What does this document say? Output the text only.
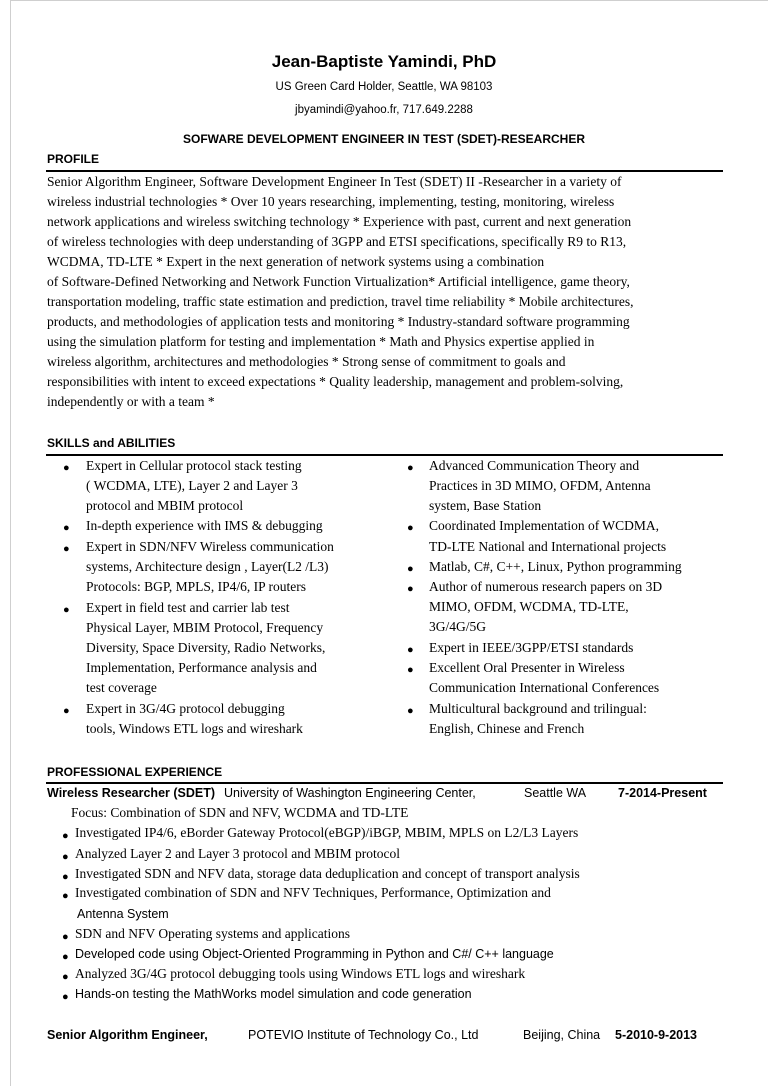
Jean-Baptiste Yamindi, PhD
US Green Card Holder, Seattle, WA 98103
jbyamindi@yahoo.fr, 717.649.2288
SOFWARE DEVELOPMENT ENGINEER IN TEST (SDET)-RESEARCHER
PROFILE
Senior Algorithm Engineer, Software Development Engineer In Test (SDET) II -Researcher in a variety of
wireless industrial technologies * Over 10 years researching, implementing, testing, monitoring, wireless
network applications and wireless switching technology * Experience with past, current and next generation
of wireless technologies with deep understanding of 3GPP and ETSI specifications, specifically R9 to R13,
WCDMA, TD-LTE * Expert in the next generation of network systems using a combination
of Software-Defined Networking and Network Function Virtualization* Artificial intelligence, game theory,
transportation modeling, traffic state estimation and prediction, travel time reliability * Mobile architectures,
products, and methodologies of application tests and monitoring * Industry-standard software programming
using the simulation platform for testing and implementation * Math and Physics expertise applied in
wireless algorithm, architectures and methodologies * Strong sense of commitment to goals and
responsibilities with intent to exceed expectations * Quality leadership, management and problem-solving,
independently or with a team *
SKILLS and ABILITIES
● Expert in Cellular protocol stack testing
( WCDMA, LTE), Layer 2 and Layer 3
protocol and MBIM protocol
● In-depth experience with IMS & debugging
● Expert in SDN/NFV Wireless communication
systems, Architecture design , Layer(L2 /L3)
Protocols: BGP, MPLS, IP4/6, IP routers
● Expert in field test and carrier lab test
Physical Layer, MBIM Protocol, Frequency
Diversity, Space Diversity, Radio Networks,
Implementation, Performance analysis and
test coverage
● Expert in 3G/4G protocol debugging
tools, Windows ETL logs and wireshark
● Advanced Communication Theory and
Practices in 3D MIMO, OFDM, Antenna
system, Base Station
● Coordinated Implementation of WCDMA,
TD-LTE National and International projects
● Matlab, C#, C++, Linux, Python programming
● Author of numerous research papers on 3D
MIMO, OFDM, WCDMA, TD-LTE,
3G/4G/5G
● Expert in IEEE/3GPP/ETSI standards
● Excellent Oral Presenter in Wireless
Communication International Conferences
● Multicultural background and trilingual:
English, Chinese and French
PROFESSIONAL EXPERIENCE
Wireless Researcher (SDET) University of Washington Engineering Center,	Seattle WA	7-2014-Present
Focus: Combination of SDN and NFV, WCDMA and TD-LTE
● Investigated IP4/6, eBorder Gateway Protocol(eBGP)/iBGP, MBIM, MPLS on L2/L3 Layers
● Analyzed Layer 2 and Layer 3 protocol and MBIM protocol
● Investigated SDN and NFV data, storage data deduplication and concept of transport analysis
● Investigated combination of SDN and NFV Techniques, Performance, Optimization and
Antenna System
● SDN and NFV Operating systems and applications
● Developed code using Object-Oriented Programming in Python and C#/ C++ language
● Analyzed 3G/4G protocol debugging tools using Windows ETL logs and wireshark
● Hands-on testing the MathWorks model simulation and code generation
Senior Algorithm Engineer,	POTEVIO Institute of Technology Co., Ltd	Beijing, China 5-2010-9-2013
